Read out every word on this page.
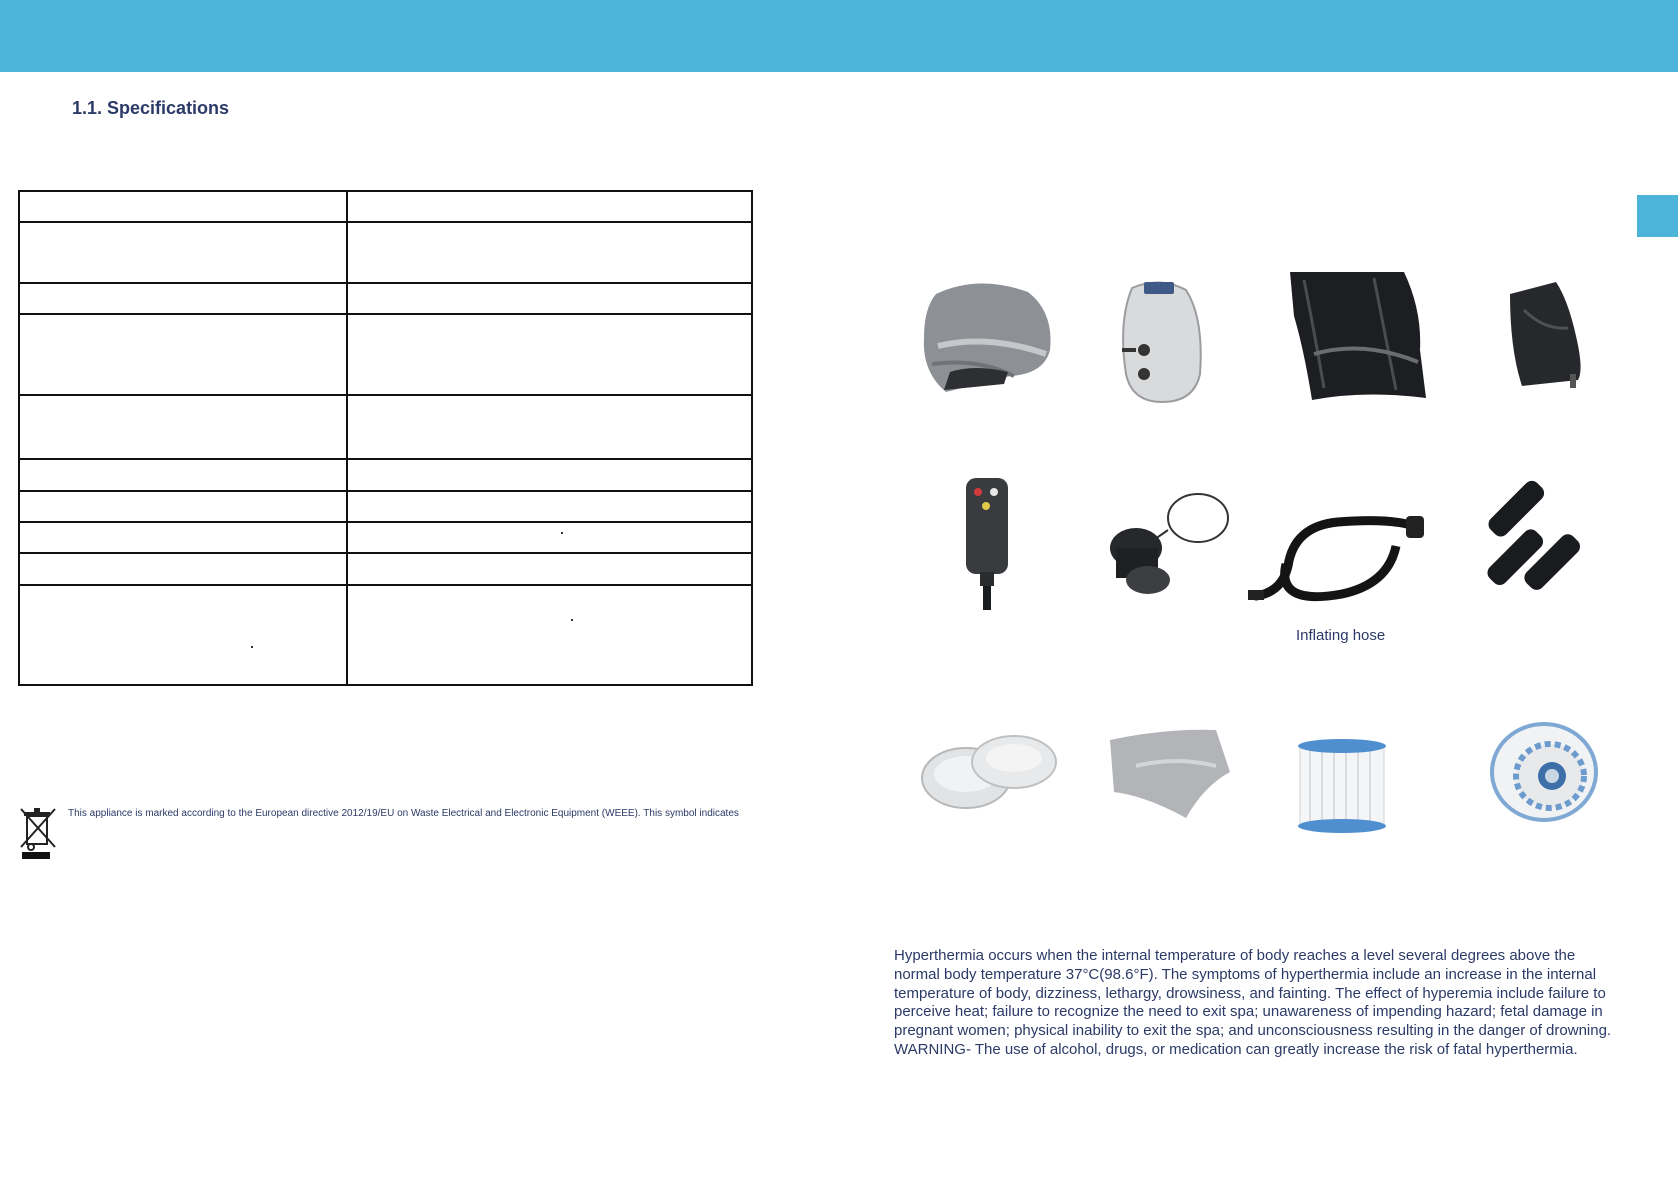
1.1. Specifications

This appliance is marked according to the European directive 2012/19/EU on Waste Electrical and Electronic Equipment (WEEE). This symbol indicates

Inflating hose

Hyperthermia occurs when the internal temperature of body reaches a level several degrees above the
normal body temperature 37°C(98.6°F). The symptoms of hyperthermia include an increase in the internal
temperature of body, dizziness, lethargy, drowsiness, and fainting. The effect of hyperemia include failure to
perceive heat; failure to recognize the need to exit spa; unawareness of impending hazard; fetal damage in
pregnant women; physical inability to exit the spa; and unconsciousness resulting in the danger of drowning.
WARNING- The use of alcohol, drugs, or medication can greatly increase the risk of fatal hyperthermia.
